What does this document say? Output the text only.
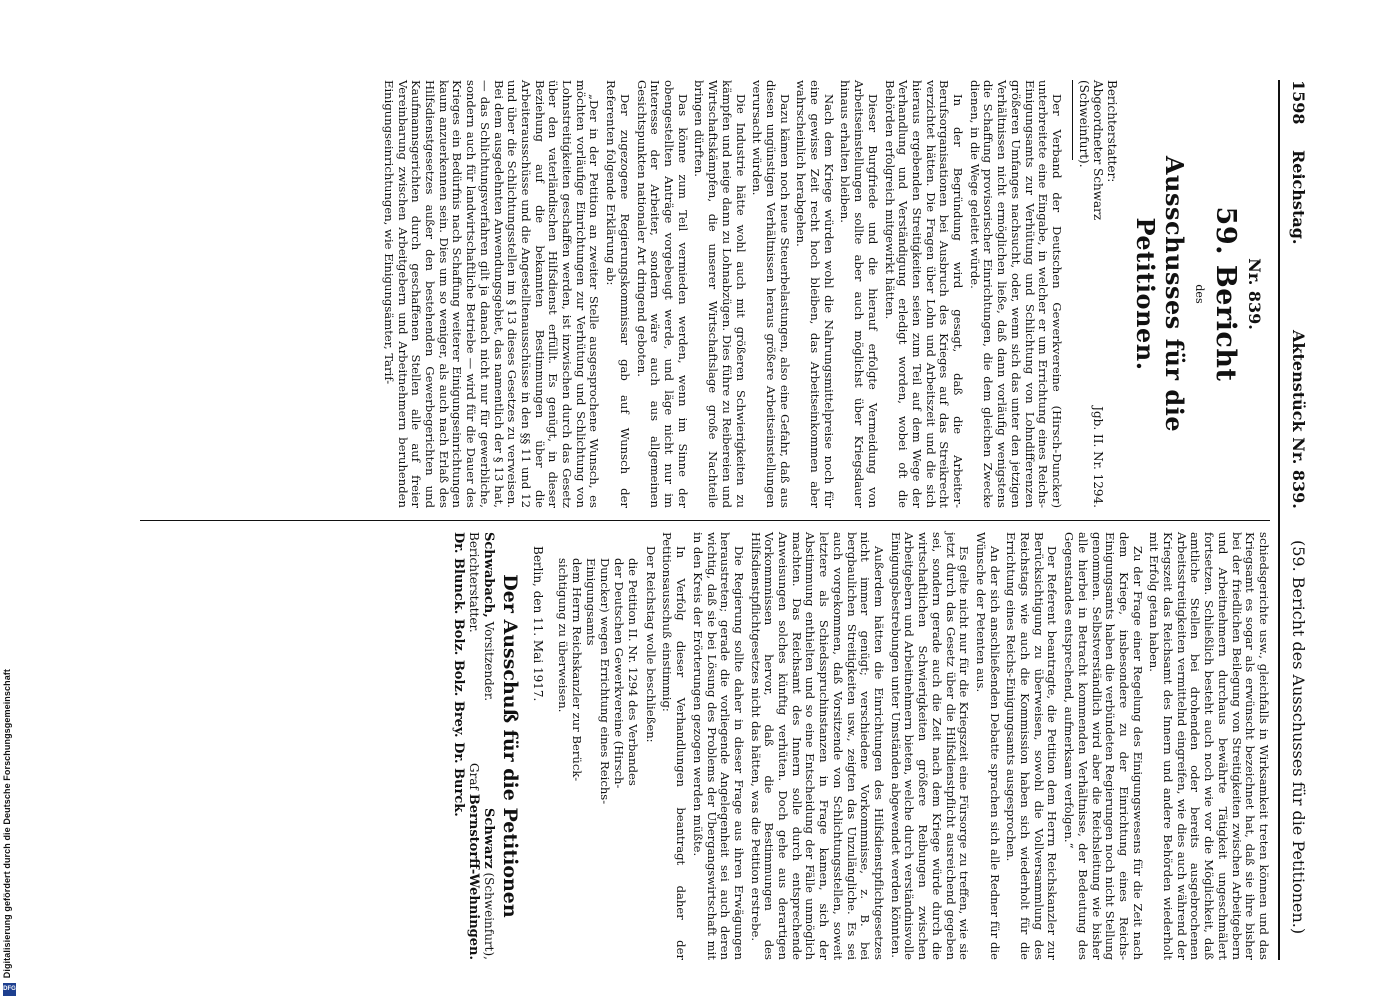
Digitalisierung gefördert durch die Deutsche Forschungsgemeinschaft
DFG
1598
Reichstag.
Aktenstück Nr. 839.
(59. Bericht des Ausschusses für die Petitionen.)
Nr. 839.
59. Bericht
des
Ausschusses für die Petitionen.
Berichterstatter:
Abgeordneter Schwarz
(Schweinfurt).
Jgb. II. Nr. 1294.

Der Verband der Deutschen Gewerkvereine (Hirsch-Duncker) unterbreitete eine Eingabe, in welcher er um Errichtung eines Reichs-Einigungsamts zur Verhütung und Schlichtung von Lohndifferenzen größeren Umfanges nachsucht, oder, wenn sich das unter den jetzigen Verhältnissen nicht ermöglichen ließe, daß dann vorläufig wenigstens die Schaffung provisorischer Einrichtungen, die dem gleichen Zwecke dienen, in die Wege geleitet würde.

In der Begründung wird gesagt, daß die Arbeiter-Berufsorganisationen bei Ausbruch des Krieges auf das Streikrecht verzichtet hätten. Die Fragen über Lohn und Arbeitszeit und die sich hieraus ergebenden Streitigkeiten seien zum Teil auf dem Wege der Verhandlung und Verständigung erledigt worden, wobei oft die Behörden erfolgreich mitgewirkt hätten.

Dieser Burgfriede und die hierauf erfolgte Vermeidung von Arbeitseinstellungen sollte aber auch möglichst über Kriegsdauer hinaus erhalten bleiben.

Nach dem Kriege würden wohl die Nahrungsmittelpreise noch für eine gewisse Zeit recht hoch bleiben, das Arbeitseinkommen aber wahrscheinlich herabgehen.

Dazu kämen noch neue Steuerbelastungen, also eine Gefahr, daß aus diesen ungünstigen Verhältnissen heraus größere Arbeitseinstellungen verursacht würden.

Die Industrie hätte wohl auch mit größeren Schwierigkeiten zu kämpfen und neige dann zu Lohnabzügen. Dies führe zu Reibereien und Wirtschaftskämpfen, die unserer Wirtschaftslage große Nachteile bringen dürften.

Das könne zum Teil vermieden werden, wenn im Sinne der obengestellten Anträge vorgebeugt werde, und läge nicht nur im Interesse der Arbeiter, sondern wäre auch aus allgemeinen Gesichtspunkten nationaler Art dringend geboten.

Der zugezogene Regierungskommissar gab auf Wunsch der Referenten folgende Erklärung ab:

„Der in der Petition an zweiter Stelle ausgesprochene Wunsch, es möchten vorläufige Einrichtungen zur Verhütung und Schlichtung von Lohnstreitigkeiten geschaffen werden, ist inzwischen durch das Gesetz über den vaterländischen Hilfsdienst erfüllt. Es genügt, in dieser Beziehung auf die bekannten Bestimmungen über die Arbeiterausschüsse und die Angestelltenausschüsse in den §§ 11 und 12 und über die Schlichtungsstellen im § 13 dieses Gesetzes zu verweisen. Bei dem ausgedehnten Anwendungsgebiet, das namentlich der § 13 hat, — das Schlichtungsverfahren gilt ja danach nicht nur für gewerbliche, sondern auch für landwirtschaftliche Betriebe — wird für die Dauer des Krieges ein Bedürfnis nach Schaffung weiterer Einigungseinrichtungen kaum anzuerkennen sein. Dies um so weniger, als auch nach Erlaß des Hilfsdienstgesetzes außer den bestehenden Gewerbegerichten und Kaufmannsgerichten durch geschaffenen Stellen alle auf freier Vereinbarung zwischen Arbeitgebern und Arbeitnehmern beruhenden Einigungseinrichtungen, wie Einigungsämter, Tarif-

schiedsgerichte usw., gleichfalls in Wirksamkeit treten können und das Kriegsamt es sogar als erwünscht bezeichnet hat, daß sie ihre bisher bei der friedlichen Beilegung von Streitigkeiten zwischen Arbeitgebern und Arbeitnehmern durchaus bewährte Tätigkeit ungeschmälert fortsetzen. Schließlich besteht auch noch wie vor die Möglichkeit, daß amtliche Stellen bei drohenden oder bereits ausgebrochenen Arbeitsstreitigkeiten vermittelnd eingreifen, wie dies auch während der Kriegszeit das Reichsamt des Innern und andere Behörden wiederholt mit Erfolg getan haben.

Zu der Frage einer Regelung des Einigungswesens für die Zeit nach dem Kriege, insbesondere zu der Einrichtung eines Reichs-Einigungsamts haben die verbündeten Regierungen noch nicht Stellung genommen. Selbstverständlich wird aber die Reichsleitung wie bisher alle hierbei in Betracht kommenden Verhältnisse, der Bedeutung des Gegenstandes entsprechend, aufmerksam verfolgen.“

Der Referent beantragte, die Petition dem Herrn Reichskanzler zur Berücksichtigung zu überweisen, sowohl die Vollversammlung des Reichstags wie auch die Kommission haben sich wiederholt für die Errichtung eines Reichs-Einigungsamts ausgesprochen.

An der sich anschließenden Debatte sprachen sich alle Redner für die Wünsche der Petenten aus.

Es gelte nicht nur für die Kriegszeit eine Fürsorge zu treffen, wie sie jetzt durch das Gesetz über die Hilfsdienstpflicht ausreichend gegeben sei, sondern gerade auch die Zeit nach dem Kriege würde durch die wirtschaftlichen Schwierigkeiten größere Reibungen zwischen Arbeitgebern und Arbeitnehmern bieten, welche durch verständnisvolle Einigungsbestrebungen unter Umständen abgewendet werden könnten.

Außerdem hätten die Einrichtungen des Hilfsdienstpflichtgesetzes nicht immer genügt; verschiedene Vorkommnisse, z. B. bei bergbaulichen Streitigkeiten usw., zeigten das Unzulängliche. Es sei auch vorgekommen, daß Vorsitzende von Schlichtungsstellen, soweit letztere als Schiedsspruchinstanzen in Frage kamen, sich der Abstimmung enthielten und so eine Entscheidung der Fälle unmöglich machten. Das Reichsamt des Innern solle durch entsprechende Anweisungen solches künftig verhüten. Doch gehe aus derartigen Vorkommnissen hervor, daß die Bestimmungen des Hilfsdienstpflichtgesetzes nicht das hätten, was die Petition erstrebe.

Die Regierung sollte daher in dieser Frage aus ihren Erwägungen heraustreten; gerade die vorliegende Angelegenheit sei auch deren wichtig, daß sie bei Lösung des Problems der Übergangswirtschaft mit in den Kreis der Erörterungen gezogen werden müßte.

In Verfolg dieser Verhandlungen beantragt daher der Petitionsausschuß einstimmig:

Der Reichstag wolle beschließen:

die Petition II. Nr. 1294 des Verbandes
der Deutschen Gewerkvereine (Hirsch-
Duncker) wegen Errichtung eines Reichs-
Einigungsamts
dem Herrn Reichskanzler zur Berück-
sichtigung zu überweisen.
Berlin, den 11. Mai 1917.
Der Ausschuß für die Petitionen
Schwabach, Vorsitzender.
Schwarz (Schweinfurt),
Berichterstatter.
Graf Bernstorff-Wehningen.
Dr. Blunck. Bolz. Bolz. Brey. Dr. Burck.
